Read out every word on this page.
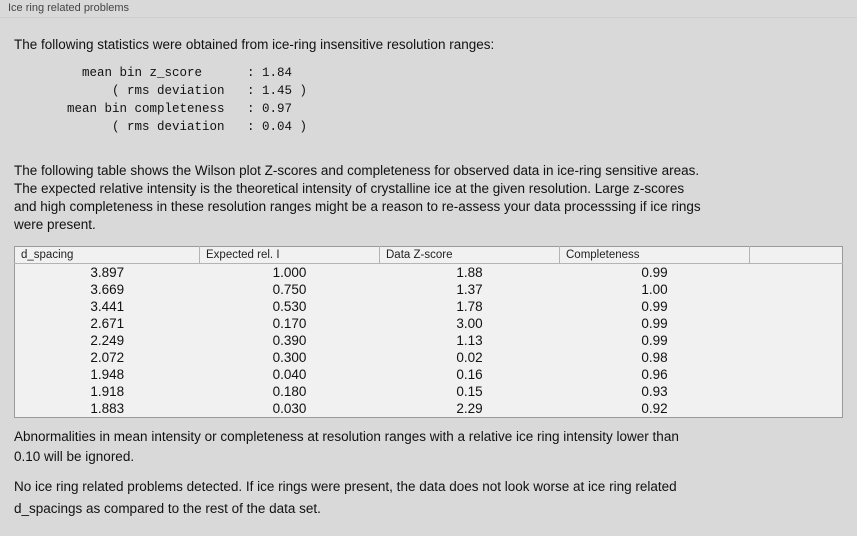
Ice ring related problems

The following statistics were obtained from ice-ring insensitive resolution ranges:

mean bin z_score      : 1.84
( rms deviation   : 1.45 )
mean bin completeness   : 0.97
( rms deviation   : 0.04 )

The following table shows the Wilson plot Z-scores and completeness for observed data in ice-ring sensitive areas.

The expected relative intensity is the theoretical intensity of crystalline ice at the given resolution. Large z-scores

and high completeness in these resolution ranges might be a reason to re-assess your data processsing if ice rings

were present.

d_spacing	Expected rel. I	Data Z-score	Completeness	
3.897	1.000	1.88	0.99	
3.669	0.750	1.37	1.00	
3.441	0.530	1.78	0.99	
2.671	0.170	3.00	0.99	
2.249	0.390	1.13	0.99	
2.072	0.300	0.02	0.98	
1.948	0.040	0.16	0.96	
1.918	0.180	0.15	0.93	
1.883	0.030	2.29	0.92	

Abnormalities in mean intensity or completeness at resolution ranges with a relative ice ring intensity lower than

0.10 will be ignored.

No ice ring related problems detected. If ice rings were present, the data does not look worse at ice ring related

d_spacings as compared to the rest of the data set.
